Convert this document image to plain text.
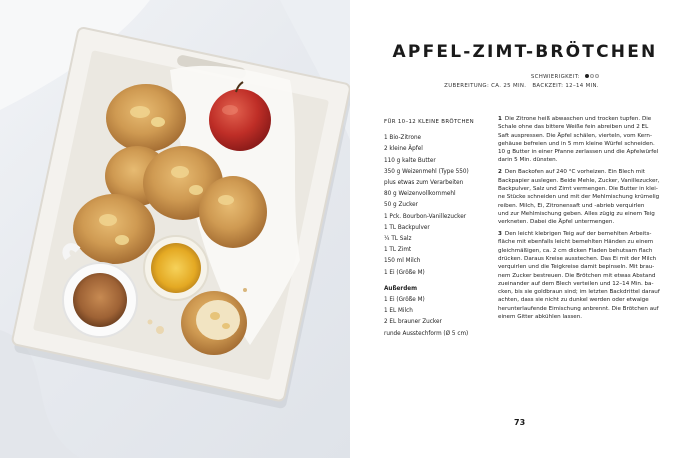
APFEL-ZIMT-BRÖTCHEN
SCHWIERIGKEIT:
ZUBEREITUNG: CA. 25 MIN. BACKZEIT: 12–14 MIN.
FÜR 10–12 KLEINE BRÖTCHEN
1 Bio-Zitrone
2 kleine Äpfel
110 g kalte Butter
350 g Weizenmehl (Type 550)
plus etwas zum Verarbeiten
80 g Weizenvollkornmehl
50 g Zucker
1 Pck. Bourbon-Vanillezucker
1 TL Backpulver
¼ TL Salz
1 TL Zimt
150 ml Milch
1 Ei (Größe M)
Außerdem
1 Ei (Größe M)
1 EL Milch
2 EL brauner Zucker
runde Ausstechform (Ø 5 cm)
1 Die Zitrone heiß abwaschen und trocken tupfen. Die
Schale ohne das bittere Weiße fein abreiben und 2 EL
Saft auspressen. Die Äpfel schälen, vierteln, vom Kern-
gehäuse befreien und in 5 mm kleine Würfel schneiden.
10 g Butter in einer Pfanne zerlassen und die Apfelwürfel
darin 5 Min. dünsten.
2 Den Backofen auf 240 °C vorheizen. Ein Blech mit
Backpapier auslegen. Beide Mehle, Zucker, Vanillezucker,
Backpulver, Salz und Zimt vermengen. Die Butter in klei-
ne Stücke schneiden und mit der Mehlmischung krümelig
reiben. Milch, Ei, Zitronensaft und -abrieb verquirlen
und zur Mehlmischung geben. Alles zügig zu einem Teig
verkneten. Dabei die Äpfel untermengen.
3 Den leicht klebrigen Teig auf der bemehlten Arbeits-
fläche mit ebenfalls leicht bemehlten Händen zu einem
gleichmäßigen, ca. 2 cm dicken Fladen behutsam flach
drücken. Daraus Kreise ausstechen. Das Ei mit der Milch
verquirlen und die Teigkreise damit bepinseln. Mit brau-
nem Zucker bestreuen. Die Brötchen mit etwas Abstand
zueinander auf dem Blech verteilen und 12–14 Min. ba-
cken, bis sie goldbraun sind; im letzten Backdrittel darauf
achten, dass sie nicht zu dunkel werden oder etwaige
herunterlaufende Eimischung anbrennt. Die Brötchen auf
einem Gitter abkühlen lassen.
73
